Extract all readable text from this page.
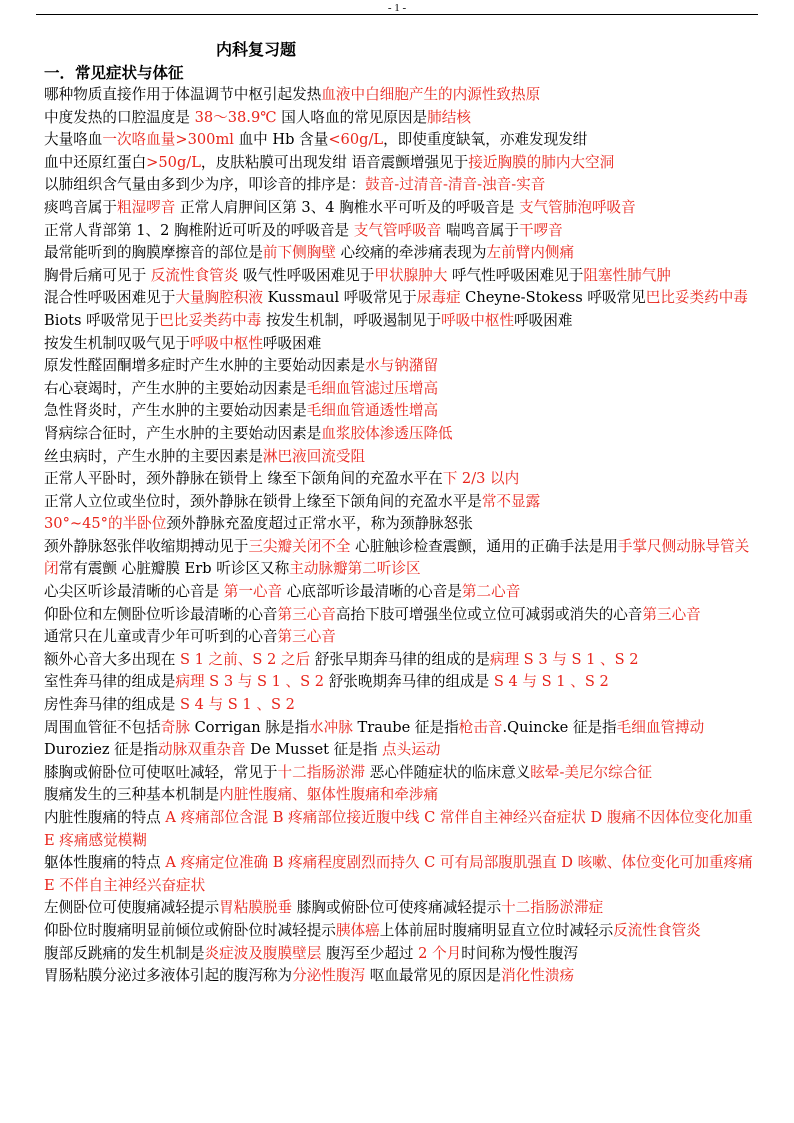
- 1 -
内科复习题
一．常见症状与体征

哪种物质直接作用于体温调节中枢引起发热血液中白细胞产生的内源性致热原

中度发热的口腔温度是 38～38.9℃ 国人咯血的常见原因是肺结核

大量咯血一次咯血量>300ml 血中 Hb 含量<60g/L，即使重度缺氧，亦难发现发绀

血中还原红蛋白>50g/L，皮肤粘膜可出现发绀 语音震颤增强见于接近胸膜的肺内大空洞

以肺组织含气量由多到少为序，叩诊音的排序是：鼓音-过清音-清音-浊音-实音

痰鸣音属于粗湿啰音 正常人肩胛间区第 3、4 胸椎水平可听及的呼吸音是 支气管肺泡呼吸音

正常人背部第 1、2 胸椎附近可听及的呼吸音是 支气管呼吸音 喘鸣音属于干啰音

最常能听到的胸膜摩擦音的部位是前下侧胸壁 心绞痛的牵涉痛表现为左前臂内侧痛

胸骨后痛可见于 反流性食管炎 吸气性呼吸困难见于甲状腺肿大 呼气性呼吸困难见于阻塞性肺气肿

混合性呼吸困难见于大量胸腔积液 Kussmaul 呼吸常见于尿毒症 Cheyne-Stokess 呼吸常见巴比妥类药中毒

Biots 呼吸常见于巴比妥类药中毒 按发生机制，呼吸遏制见于呼吸中枢性呼吸困难

按发生机制叹吸气见于呼吸中枢性呼吸困难

原发性醛固酮增多症时产生水肿的主要始动因素是水与钠潴留

右心衰竭时，产生水肿的主要始动因素是毛细血管滤过压增高

急性肾炎时，产生水肿的主要始动因素是毛细血管通透性增高

肾病综合征时，产生水肿的主要始动因素是血浆胶体渗透压降低

丝虫病时，产生水肿的主要因素是淋巴液回流受阻

正常人平卧时，颈外静脉在锁骨上 缘至下颌角间的充盈水平在下 2/3 以内

正常人立位或坐位时，颈外静脉在锁骨上缘至下颌角间的充盈水平是常不显露

30°~45°的半卧位颈外静脉充盈度超过正常水平，称为颈静脉怒张

颈外静脉怒张伴收缩期搏动见于三尖瓣关闭不全 心脏触诊检查震颤，通用的正确手法是用手掌尺侧动脉导管关闭常有震颤 心脏瓣膜 Erb 听诊区又称主动脉瓣第二听诊区

心尖区听诊最清晰的心音是 第一心音 心底部听诊最清晰的心音是第二心音

仰卧位和左侧卧位听诊最清晰的心音第三心音高抬下肢可增强坐位或立位可减弱或消失的心音第三心音

通常只在儿童或青少年可听到的心音第三心音

额外心音大多出现在 S 1 之前、S 2 之后 舒张早期奔马律的组成的是病理 S 3 与 S 1 、S 2

室性奔马律的组成是病理 S 3 与 S 1 、S 2 舒张晚期奔马律的组成是 S 4 与 S 1 、S 2

房性奔马律的组成是 S 4 与 S 1 、S 2

周围血管征不包括奇脉 Corrigan 脉是指水冲脉 Traube 征是指枪击音.Quincke 征是指毛细血管搏动

Duroziez 征是指动脉双重杂音 De Musset 征是指 点头运动

膝胸或俯卧位可使呕吐减轻，常见于十二指肠淤滞 恶心伴随症状的临床意义眩晕-美尼尔综合征

腹痛发生的三种基本机制是内脏性腹痛、躯体性腹痛和牵涉痛

内脏性腹痛的特点 A 疼痛部位含混 B 疼痛部位接近腹中线 C 常伴自主神经兴奋症状 D 腹痛不因体位变化加重 E 疼痛感觉模糊

躯体性腹痛的特点 A 疼痛定位准确 B 疼痛程度剧烈而持久 C 可有局部腹肌强直 D 咳嗽、体位变化可加重疼痛 E 不伴自主神经兴奋症状

左侧卧位可使腹痛减轻提示胃粘膜脱垂 膝胸或俯卧位可使疼痛减轻提示十二指肠淤滞症

仰卧位时腹痛明显前倾位或俯卧位时减轻提示胰体癌上体前屈时腹痛明显直立位时减轻示反流性食管炎

腹部反跳痛的发生机制是炎症波及腹膜壁层 腹泻至少超过 2 个月时间称为慢性腹泻

胃肠粘膜分泌过多液体引起的腹泻称为分泌性腹泻 呕血最常见的原因是消化性溃疡
